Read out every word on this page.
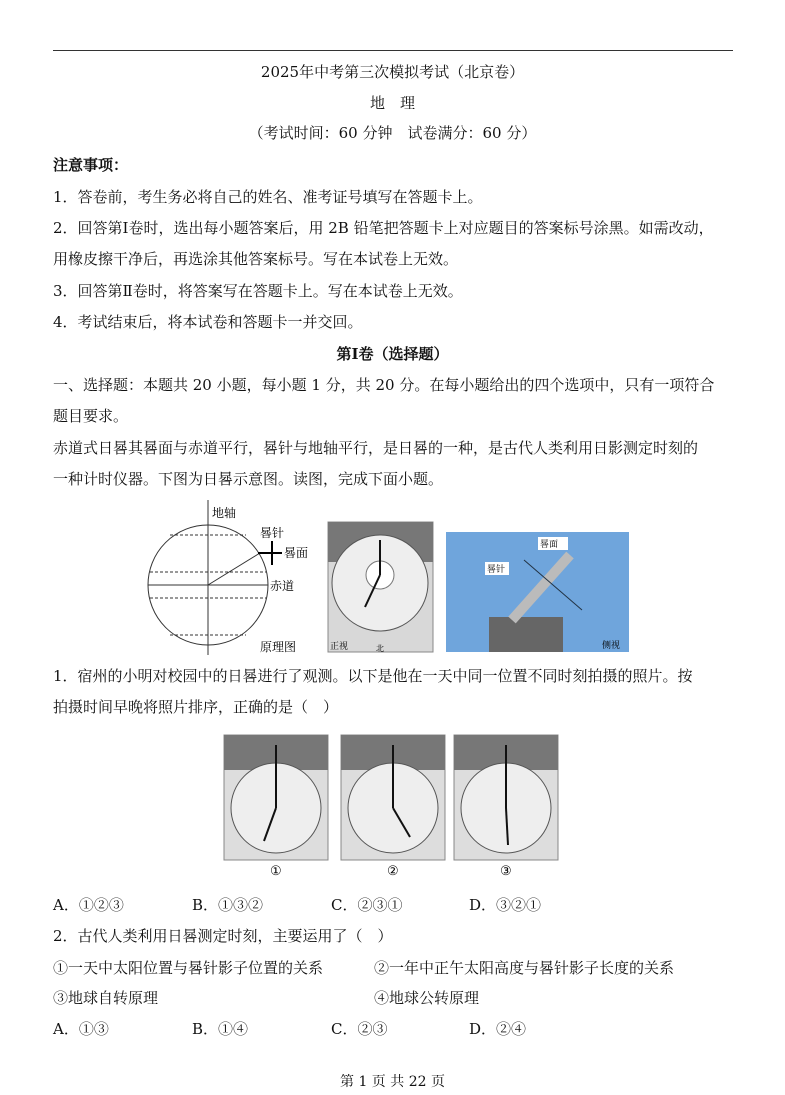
2025年中考第三次模拟考试（北京卷）
地　理
（考试时间：60 分钟　试卷满分：60 分）
注意事项：
1．答卷前，考生务必将自己的姓名、准考证号填写在答题卡上。
2．回答第Ⅰ卷时，选出每小题答案后，用 2B 铅笔把答题卡上对应题目的答案标号涂黑。如需改动，
用橡皮擦干净后，再选涂其他答案标号。写在本试卷上无效。
3．回答第Ⅱ卷时，将答案写在答题卡上。写在本试卷上无效。
4．考试结束后，将本试卷和答题卡一并交回。
第Ⅰ卷（选择题）
一、选择题：本题共 20 小题，每小题 1 分，共 20 分。在每小题给出的四个选项中，只有一项符合
题目要求。
赤道式日晷其晷面与赤道平行，晷针与地轴平行，是日晷的一种，是古代人类利用日影测定时刻的
一种计时仪器。下图为日晷示意图。读图，完成下面小题。
地轴
晷针
晷面
赤道
原理图	正视	北
晷面
晷针
侧视
1．宿州的小明对校园中的日晷进行了观测。以下是他在一天中同一位置不同时刻拍摄的照片。按
拍摄时间早晚将照片排序，正确的是（　）
①	②	③
A．①②③	B．①③②	C．②③①	D．③②①
2．古代人类利用日晷测定时刻，主要运用了（　）
①一天中太阳位置与晷针影子位置的关系	②一年中正午太阳高度与晷针影子长度的关系
③地球自转原理	④地球公转原理
A．①③	B．①④	C．②③	D．②④
第 1 页 共 22 页
